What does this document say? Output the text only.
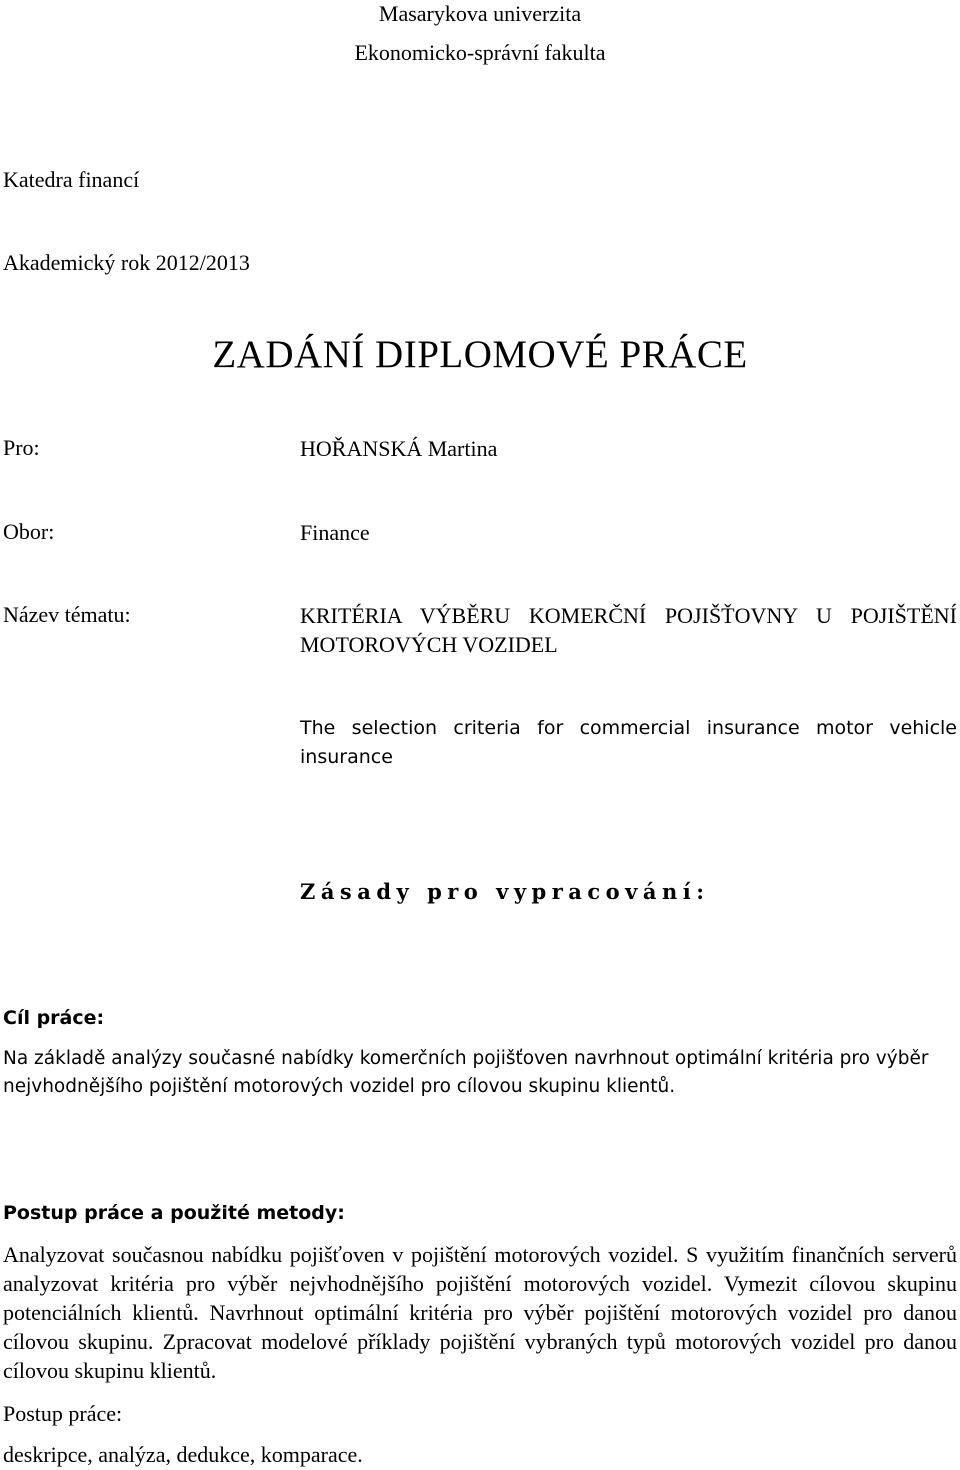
Masarykova univerzita
Ekonomicko-správní fakulta
Katedra financí
Akademický rok 2012/2013
ZADÁNÍ DIPLOMOVÉ PRÁCE
Pro:	HOŘANSKÁ Martina
Obor:	Finance
Název tématu:	KRITÉRIA VÝBĚRU KOMERČNÍ POJIŠŤOVNY U POJIŠTĚNÍ MOTOROVÝCH VOZIDEL
The selection criteria for commercial insurance motor vehicle insurance
Zásady pro vypracování:
Cíl práce:
Na základě analýzy současné nabídky komerčních pojišťoven navrhnout optimální kritéria pro výběr nejvhodnějšího pojištění motorových vozidel pro cílovou skupinu klientů.
Postup práce a použité metody:
Analyzovat současnou nabídku pojišťoven v pojištění motorových vozidel. S využitím finančních serverů analyzovat kritéria pro výběr nejvhodnějšího pojištění motorových vozidel. Vymezit cílovou skupinu potenciálních klientů. Navrhnout optimální kritéria pro výběr pojištění motorových vozidel pro danou cílovou skupinu. Zpracovat modelové příklady pojištění vybraných typů motorových vozidel pro danou cílovou skupinu klientů.
Postup práce:
deskripce, analýza, dedukce, komparace.
